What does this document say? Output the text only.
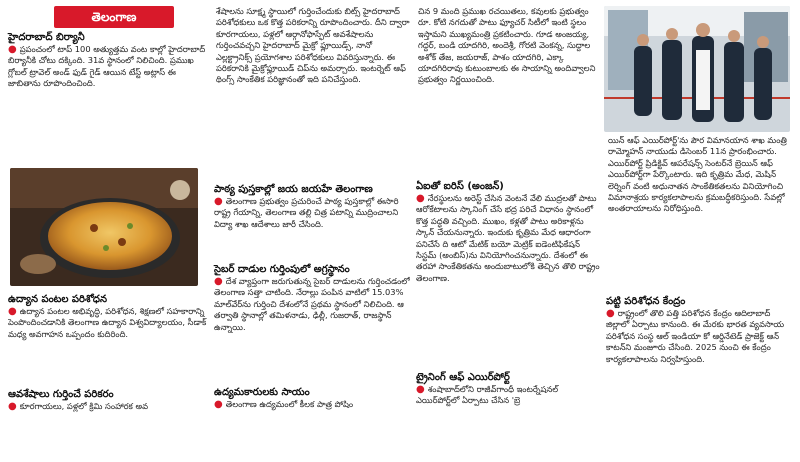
తెలంగాణ
హైదరాబాద్ బిర్యానీ
● ప్రపంచంలో టాప్ 100 అత్యుత్తమ వంట కాల్లో హైదరాబాద్ బిర్యానీకి చోటు దక్కింది. 31వ స్థానంలో నిలిచింది. ప్రముఖ గ్లోబల్ ట్రావెల్ అండ్ ఫుడ్ గైడ్ ఆయిన టేస్ట్ అట్లాస్ ఈ జాబితాను రూపొందించింది.
ఉద్యాన పంటల పరిశోధన
● ఉద్యాన పంటల అభివృద్ధి, పరిశోధన, శిక్షణలో సహకారాన్ని పెంపొందించడానికి తెలంగాణ ఉద్యాన విశ్వవిద్యాలయం, సీడాక్ మధ్య అవగాహన ఒప్పందం కుదిరింది.
ఆవశేషాలు గుర్తించే పరికరం
● కూరగాయలు, పళ్లలో క్రిమి సంహారక అవ
శేషాలను సూక్ష్మ స్థాయిలో గుర్తించేందుకు బిట్స్ హైదరాబాద్ పరిశోధకులు ఒక కొత్త పరికరాన్ని రూపొందించారు. దీని ద్వారా కూరగాయలు, పళ్లలో ఆర్గానోఫాస్ఫేట్ అవశేషాలను గుర్తించవచ్చని హైదరాబాద్ మైక్రో ఫ్లూయిడ్స్, నానో ఎల్లక్ట్రానిక్స్ ప్రయోగశాల పరిశోధకులు వివరిస్తున్నారు. ఈ పరికరానికి మైక్రోఫ్లూయిడ్ చిప్‌ను అమర్చారు. ఇంటర్నెట్ ఆఫ్ థింగ్స్ సాంకేతిక పరిజ్ఞానంతో ఇది పనిచేస్తుంది.
పాఠ్య పుస్తకాల్లో జయ జయహే తెలంగాణ
● తెలంగాణ ప్రభుత్వం ప్రచురించే పాఠ్య పుస్తకాల్లో ఈసారి రాష్ట్ర గేయాన్ని, తెలంగాణ తల్లి చిత్ర పటాన్ని ముద్రించాలని విద్యా శాఖ ఆదేశాలు జారీ చేసింది.
సైబర్ దాడుల గుర్తింపులో అగ్రస్థానం
● దేశ వ్యాప్తంగా జరుగుతున్న సైబర్ దాడులను గుర్తించడంలో తెలంగాణ సత్తా చాటింది. నేరాల్లు పంపిన వాటిలో 15.03% మాల్‌వేర్‌ను గుర్తించి దేశంలోనే ప్రథమ స్థానంలో నిలిచింది. ఆ తర్వాతి స్థానాల్లో తమిళనాడు, ఢిల్లీ, గుజరాత్, రాజస్థాన్ ఉన్నాయి.
ఉద్యమకారులకు సాయం
● తెలంగాణ ఉద్యమంలో కీలక పాత్ర పోషిం
చిన 9 మంది ప్రముఖ రచయితలు, కవులకు ప్రభుత్వం రూ. కోటి నగదుతో పాటు ఫ్యూచర్ సిటీలో ఇంటి స్థలం ఇస్తామని ముఖ్యమంత్రి ప్రకటించారు. గూడ అంజయ్య, గద్దర్, బండి యాదగిరి, అందెశ్రీ, గోరటి వెంకన్న, సుద్దాల అశోక్ తేజ, జయరాజ్, పాశం యాదగిరి, ఎక్కా యాదగిరిరావు కుటుంబాలకు ఈ సాయాన్ని అందివ్వాలని ప్రభుత్వం నిర్ణయించింది.
ఏఐతో ఐరిస్ (అంజన్)
● నేరస్థులను అరెస్ట్ చేసిన వెంటనే వేలి ముద్రలతో పాటు ఆరోకేటాలను స్కానింగ్ చేసే భద్ర పరిచే విధానం స్థానంలో కొత్త పద్ధతి వచ్చింది. ముఖం, కళ్లతో పాటు అరికాళ్లను స్కాన్ చేయనున్నారు. ఇందుకు కృత్రిమ మేధ ఆధారంగా పనిచేసే ది ఆటో మేటిక్ బయో మెట్రిక్ ఐడెంటిఫికేషన్ సిస్టమ్ (అంబిస్)ను వినియోగించనున్నారు. దేశంలో ఈ తరహా సాంకేతికతను అందుబాటులోకి తెచ్చిన తొలి రాష్ట్రం తెలంగాణ.
ట్రైనింగ్ ఆఫ్ ఎయిర్‌పోర్ట్
● శంషాబాద్‌లోని రాజీవ్‌గాంధీ ఇంటర్నేషనల్ ఎయిర్‌పోర్ట్‌లో ఏర్పాటు చేసిన 'బ్రె
యిన్ ఆఫ్ ఎయిర్‌పోర్ట్'ను పౌర విమానయాన శాఖ మంత్రి రామ్మోహన్ నాయుడు డిసెంబర్ 11న ప్రారంభించారు. ఎయిర్‌పోర్ట్ ప్రిడిక్టివ్ ఆపరేషన్స్ సెంటర్‌నే బ్రెయిన్ ఆఫ్ ఎయిర్‌పోర్ట్‌గా పేర్కొంటారు. ఇది కృత్రిమ మేధ, మెషిన్ లెర్నింగ్ వంటి అధునాతన సాంకేతికతలను వినియోగించి విమానాశ్రయ కార్యకలాపాలను క్రమబద్ధీకరిస్తుంది. సేవల్లో అంతరాయాలను నిరోధిస్తుంది.
పట్టి పరిశోధన కేంద్రం
● రాష్ట్రంలో తొలి పత్తి పరిశోధన కేంద్రం ఆదిలాబాద్ జిల్లాలో ఏర్పాటు కానుంది. ఈ మేరకు భారత వ్యవసాయ పరిశోధన సంస్థ ఆల్ ఇండియా కో ఆర్డినేటెడ్ ప్రాజెక్ట్ ఆన్ కాటన్‌ని మంజూరు చేసింది. 2025 నుంచి ఈ కేంద్రం కార్యకలాపాలను నిర్వహిస్తుంది.
